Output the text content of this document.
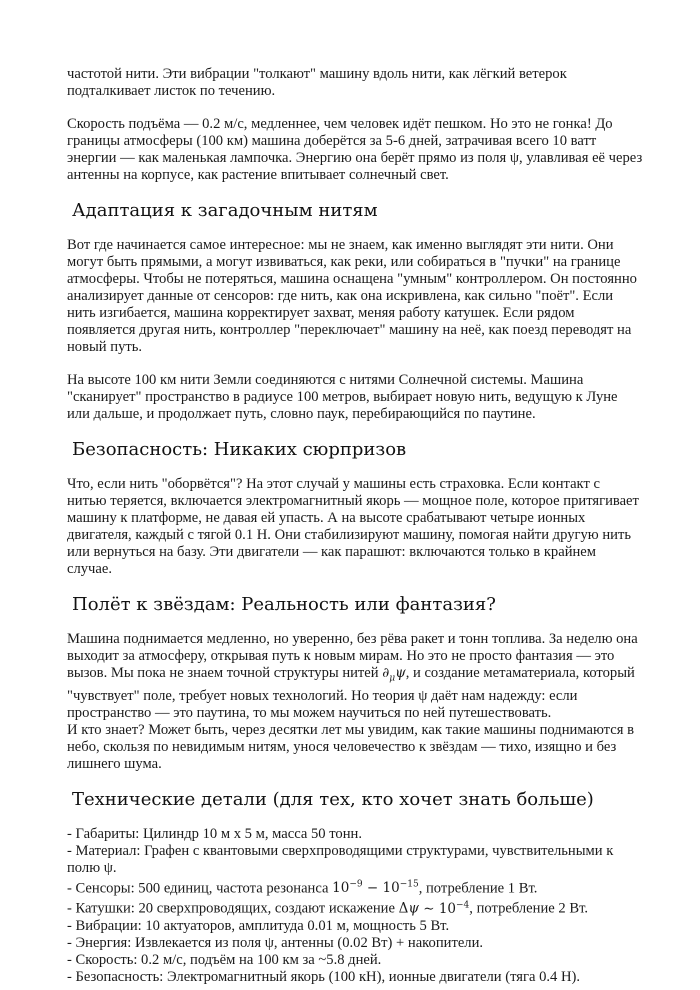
частотой нити. Эти вибрации "толкают" машину вдоль нити, как лёгкий ветерок подталкивает листок по течению.

Скорость подъёма — 0.2 м/с, медленнее, чем человек идёт пешком. Но это не гонка! До границы атмосферы (100 км) машина доберётся за 5-6 дней, затрачивая всего 10 ватт энергии — как маленькая лампочка. Энергию она берёт прямо из поля ψ, улавливая её через антенны на корпусе, как растение впитывает солнечный свет.

Адаптация к загадочным нитям

Вот где начинается самое интересное: мы не знаем, как именно выглядят эти нити. Они могут быть прямыми, а могут извиваться, как реки, или собираться в "пучки" на границе атмосферы. Чтобы не потеряться, машина оснащена "умным" контроллером. Он постоянно анализирует данные от сенсоров: где нить, как она искривлена, как сильно "поёт". Если нить изгибается, машина корректирует захват, меняя работу катушек. Если рядом появляется другая нить, контроллер "переключает" машину на неё, как поезд переводят на новый путь.

На высоте 100 км нити Земли соединяются с нитями Солнечной системы. Машина "сканирует" пространство в радиусе 100 метров, выбирает новую нить, ведущую к Луне или дальше, и продолжает путь, словно паук, перебирающийся по паутине.

Безопасность: Никаких сюрпризов

Что, если нить "оборвётся"? На этот случай у машины есть страховка. Если контакт с нитью теряется, включается электромагнитный якорь — мощное поле, которое притягивает машину к платформе, не давая ей упасть. А на высоте срабатывают четыре ионных двигателя, каждый с тягой 0.1 Н. Они стабилизируют машину, помогая найти другую нить или вернуться на базу. Эти двигатели — как парашют: включаются только в крайнем случае.

Полёт к звёздам: Реальность или фантазия?

Машина поднимается медленно, но уверенно, без рёва ракет и тонн топлива. За неделю она выходит за атмосферу, открывая путь к новым мирам. Но это не просто фантазия — это вызов. Мы пока не знаем точной структуры нитей $\partial_\mu\psi$, и создание метаматериала, который "чувствует" поле, требует новых технологий. Но теория ψ даёт нам надежду: если пространство — это паутина, то мы можем научиться по ней путешествовать.

И кто знает? Может быть, через десятки лет мы увидим, как такие машины поднимаются в небо, скользя по невидимым нитям, унося человечество к звёздам — тихо, изящно и без лишнего шума.

Технические детали (для тех, кто хочет знать больше)
- Габариты: Цилиндр 10 м x 5 м, масса 50 тонн.
- Материал: Графен с квантовыми сверхпроводящими структурами, чувствительными к полю ψ.
- Сенсоры: 500 единиц, частота резонанса $10^{-9} - 10^{-15}$, потребление 1 Вт.
- Катушки: 20 сверхпроводящих, создают искажение Δψ ∼ $10^{-4}$, потребление 2 Вт.
- Вибрации: 10 актуаторов, амплитуда 0.01 м, мощность 5 Вт.
- Энергия: Извлекается из поля ψ, антенны (0.02 Вт) + накопители.
- Скорость: 0.2 м/с, подъём на 100 км за ~5.8 дней.
- Безопасность: Электромагнитный якорь (100 кН), ионные двигатели (тяга 0.4 Н).
